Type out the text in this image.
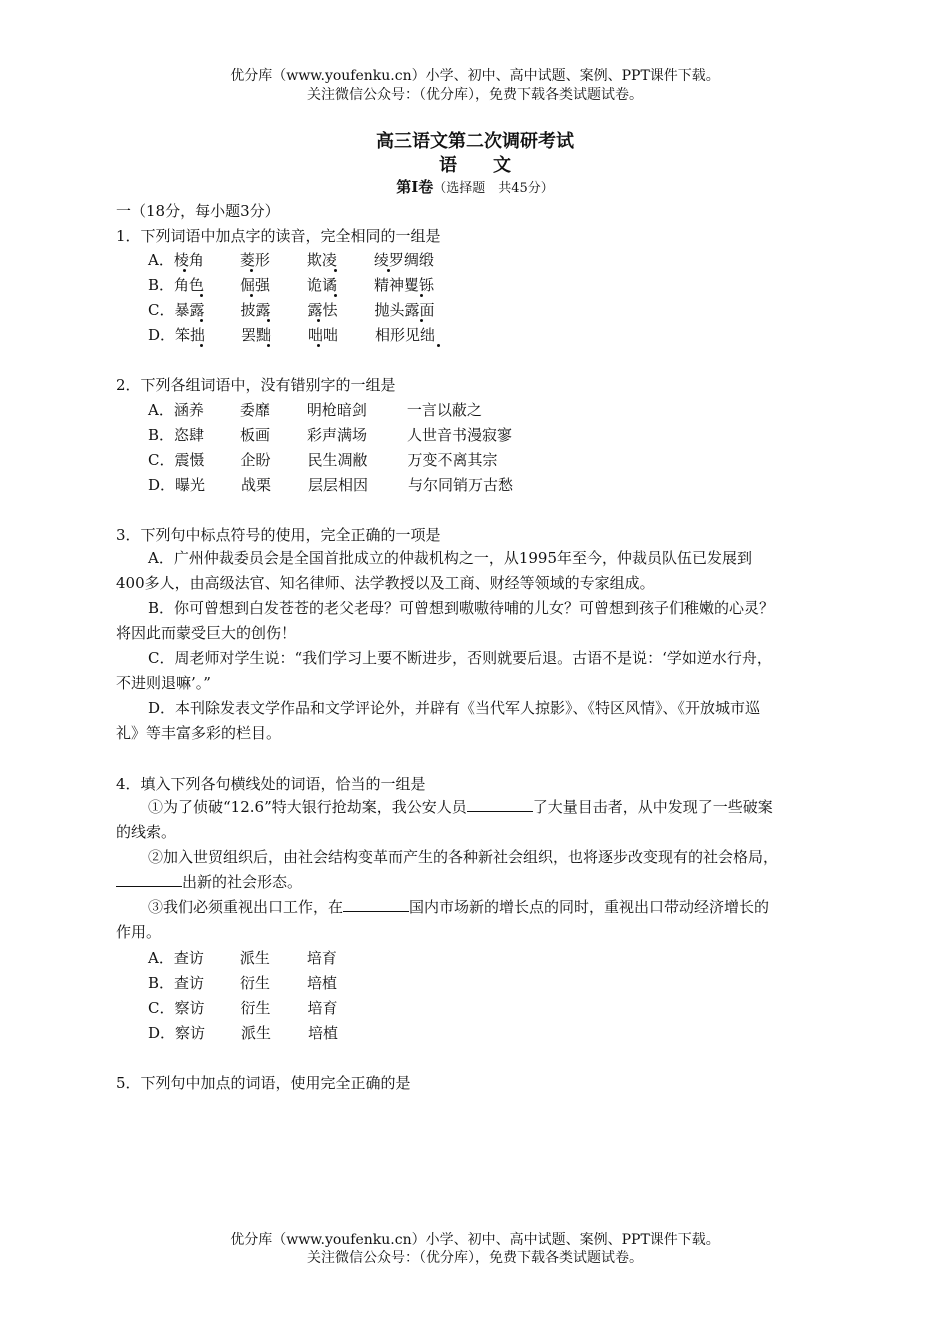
优分库（www.youfenku.cn）小学、初中、高中试题、案例、PPT课件下载。
关注微信公众号：（优分库），免费下载各类试题试卷。
高三语文第二次调研考试
语　　文
第Ⅰ卷（选择题　共45分）
一（18分，每小题3分）
1．下列词语中加点字的读音，完全相同的一组是
A．棱角 菱形 欺凌 绫罗绸缎
B．角色 倔强 诡谲 精神矍铄
C．暴露 披露 露怯 抛头露面
D．笨拙 罢黜 咄咄 相形见绌
2．下列各组词语中，没有错别字的一组是
A．涵养 委靡 明枪暗剑	一言以蔽之
B．恣肆 板画 彩声满场	人世音书漫寂寥
C．震慑 企盼 民生凋敝	万变不离其宗
D．曝光 战栗 层层相因	与尔同销万古愁
3．下列句中标点符号的使用，完全正确的一项是
A．广州仲裁委员会是全国首批成立的仲裁机构之一，从1995年至今，仲裁员队伍已发展到400多人，由高级法官、知名律师、法学教授以及工商、财经等领域的专家组成。
B．你可曾想到白发苍苍的老父老母？可曾想到嗷嗷待哺的儿女？可曾想到孩子们稚嫩的心灵？将因此而蒙受巨大的创伤！
C．周老师对学生说：“我们学习上要不断进步，否则就要后退。古语不是说：‘学如逆水行舟，不进则退嘛’。”
D．本刊除发表文学作品和文学评论外，并辟有《当代军人掠影》、《特区风情》、《开放城市巡礼》等丰富多彩的栏目。
4．填入下列各句横线处的词语，恰当的一组是
①为了侦破“12.6”特大银行抢劫案，我公安人员	了大量目击者，从中发现了一些破案的线索。
②加入世贸组织后，由社会结构变革而产生的各种新社会组织，也将逐步改变现有的社会格局，出新的社会形态。
③我们必须重视出口工作，在	国内市场新的增长点的同时，重视出口带动经济增长的作用。
A．查访 派生 培育
B．查访 衍生 培植
C．察访 衍生 培育
D．察访 派生 培植
5．下列句中加点的词语，使用完全正确的是
优分库（www.youfenku.cn）小学、初中、高中试题、案例、PPT课件下载。
关注微信公众号：（优分库），免费下载各类试题试卷。
